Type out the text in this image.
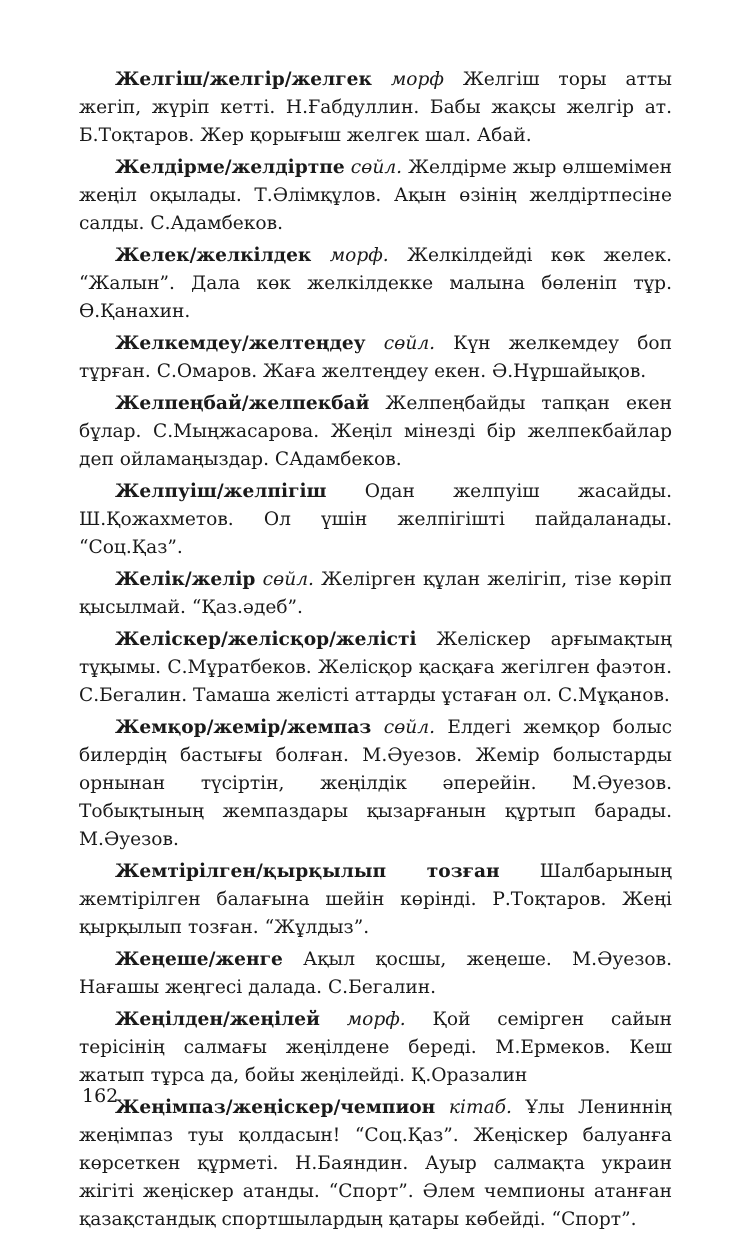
Желгіш/желгір/желгек морф Желгіш торы атты жегіп, жүріп кетті. Н.Ғабдуллин. Бабы жақсы желгір ат. Б.Тоқтаров. Жер қорығыш желгек шал. Абай.

Желдірме/желдіртпе сөйл. Желдірме жыр өлшемімен жеңіл оқылады. Т.Әлімқұлов. Ақын өзінің желдіртпесіне салды. С.Адамбеков.

Желек/желкілдек морф. Желкілдейді көк желек. “Жалын”. Дала көк желкілдекке малына бөленіп тұр. Ө.Қанахин.

Желкемдеу/желтеңдеу сөйл. Күн желкемдеу боп тұрған. С.Омаров. Жаға желтеңдеу екен. Ә.Нұршайықов.

Желпеңбай/желпекбай Желпеңбайды тапқан екен бұлар. С.Мыңжасарова. Жеңіл мінезді бір желпекбайлар деп ойламаңыздар. САдамбеков.

Желпуіш/желпігіш Одан желпуіш жасайды. Ш.Қожахметов. Ол үшін желпігішті пайдаланады. “Соц.Қаз”.

Желік/желір сөйл. Желірген құлан желігіп, тізе көріп қысылмай. “Қаз.әдеб”.

Желіскер/желісқор/желісті Желіскер арғымақтың тұқымы. С.Мұратбеков. Желісқор қасқаға жегілген фаэтон. С.Бегалин. Тамаша желісті аттарды ұстаған ол. С.Мұқанов.

Жемқор/жемір/жемпаз сөйл. Елдегі жемқор болыс билердің бастығы болған. М.Әуезов. Жемір болыстарды орнынан түсіртін, жеңілдік әперейін. М.Әуезов. Тобықтының жемпаздары қызарғанын құртып барады. М.Әуезов.

Жемтірілген/қырқылып тозған Шалбарының жемтірілген балағына шейін көрінді. Р.Тоқтаров. Жеңі қырқылып тозған. “Жұлдыз”.

Жеңеше/женге Ақыл қосшы, жеңеше. М.Әуезов. Нағашы жеңгесі далада. С.Бегалин.

Жеңілден/жеңілей морф. Қой семірген сайын терісінің салмағы жеңілдене береді. М.Ермеков. Кеш жатып тұрса да, бойы жеңілейді. Қ.Оразалин

Жеңімпаз/жеңіскер/чемпион кітаб. Ұлы Лениннің жеңімпаз туы қолдасын! “Соц.Қаз”. Жеңіскер балуанға көрсеткен құрметі. Н.Баяндин. Ауыр салмақта украин жігіті жеңіскер атанды. “Спорт”. Әлем чемпионы атанған қазақстандық спортшылардың қатары көбейді. “Спорт”.

162
